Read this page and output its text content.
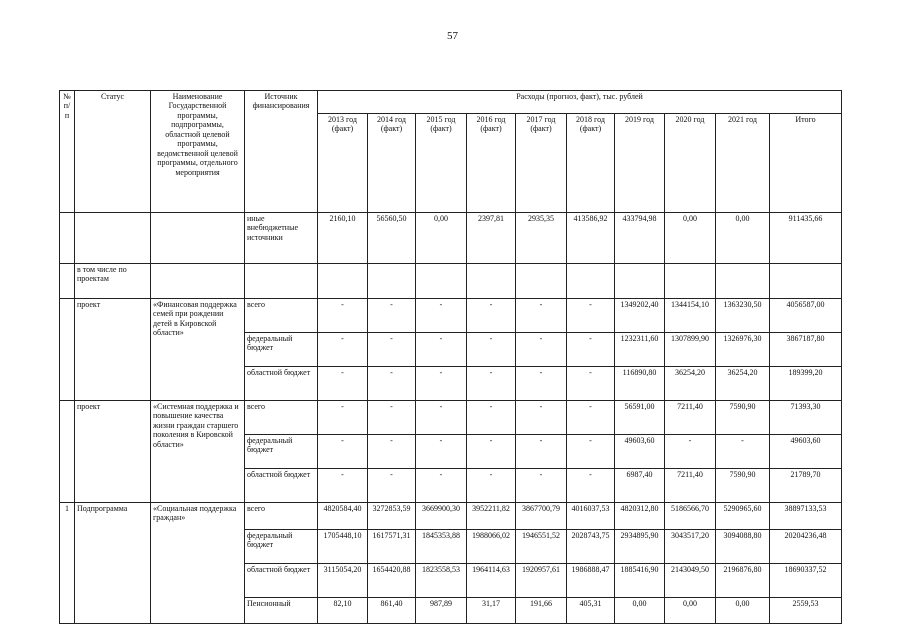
57
№ п/п	Статус	Наименование Государственной программы, подпрограммы, областной целевой программы, ведомственной целевой программы, отдельного мероприятия	Источник финансирования	Расходы (прогноз, факт), тыс. рублей									
				2013 год (факт)	2014 год (факт)	2015 год (факт)	2016 год (факт)	2017 год (факт)	2018 год (факт)	2019 год	2020 год	2021 год	Итого
			иные внебюджетные источники	2160,10	56560,50	0,00	2397,81	2935,35	413586,92	433794,98	0,00	0,00	911435,66
	в том числе по проектам												
	проект	«Финансовая поддержка семей при рождении детей в Кировской области»	всего	-	-	-	-	-	-	1349202,40	1344154,10	1363230,50	4056587,00
			федеральный бюджет	-	-	-	-	-	-	1232311,60	1307899,90	1326976,30	3867187,80
			областной бюджет	-	-	-	-	-	-	116890,80	36254,20	36254,20	189399,20
	проект	«Системная поддержка и повышение качества жизни граждан старшего поколения в Кировской области»	всего	-	-	-	-	-	-	56591,00	7211,40	7590,90	71393,30
			федеральный бюджет	-	-	-	-	-	-	49603,60	-	-	49603,60
			областной бюджет	-	-	-	-	-	-	6987,40	7211,40	7590,90	21789,70
1	Подпрограмма	«Социальная поддержка граждан»	всего	4820584,40	3272853,59	3669900,30	3952211,82	3867700,79	4016037,53	4820312,80	5186566,70	5290965,60	38897133,53
			федеральный бюджет	1705448,10	1617571,31	1845353,88	1988066,02	1946551,52	2028743,75	2934895,90	3043517,20	3094088,80	20204236,48
			областной бюджет	3115054,20	1654420,88	1823558,53	1964114,63	1920957,61	1986888,47	1885416,90	2143049,50	2196876,80	18690337,52
			Пенсионный	82,10	861,40	987,89	31,17	191,66	405,31	0,00	0,00	0,00	2559,53
